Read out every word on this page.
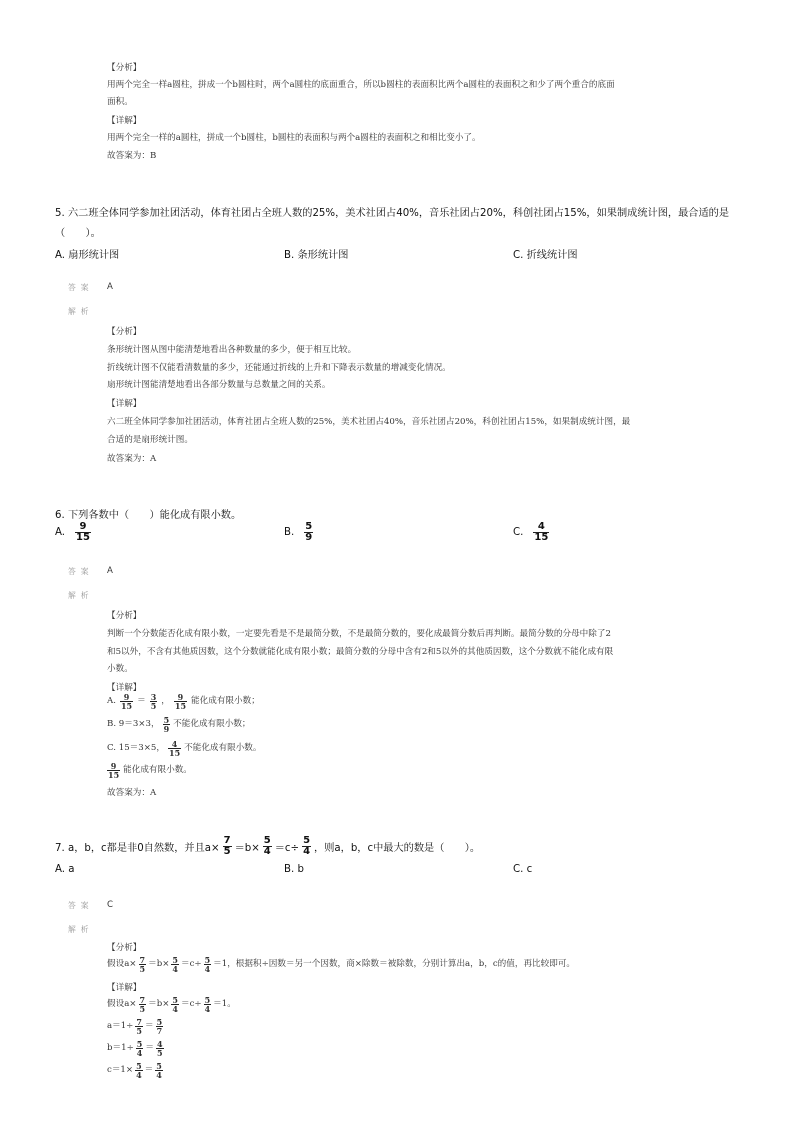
【分析】
用两个完全一样a圆柱，拼成一个b圆柱时，两个a圆柱的底面重合，所以b圆柱的表面积比两个a圆柱的表面积之和少了两个重合的底面
面积。
【详解】
用两个完全一样的a圆柱，拼成一个b圆柱，b圆柱的表面积与两个a圆柱的表面积之和相比变小了。
故答案为：B
5. 六二班全体同学参加社团活动，体育社团占全班人数的25%，美术社团占40%，音乐社团占20%，科创社团占15%，如果制成统计图，最合适的是
（　　）。
A. 扇形统计图	B. 条形统计图	C. 折线统计图
答案 A
解析
【分析】
条形统计图从图中能清楚地看出各种数量的多少，便于相互比较。
折线统计图不仅能看清数量的多少，还能通过折线的上升和下降表示数量的增减变化情况。
扇形统计图能清楚地看出各部分数量与总数量之间的关系。
【详解】
六二班全体同学参加社团活动，体育社团占全班人数的25%，美术社团占40%，音乐社团占20%，科创社团占15%，如果制成统计图，最
合适的是扇形统计图。
故答案为：A
6. 下列各数中（　　）能化成有限小数。
A. $\frac{9}{15}$	B. $\frac{5}{9}$	C. $\frac{4}{15}$
答案 A
解析
【分析】
判断一个分数能否化成有限小数，一定要先看是不是最简分数，不是最简分数的，要化成最简分数后再判断。最简分数的分母中除了2
和5以外，不含有其他质因数，这个分数就能化成有限小数；最简分数的分母中含有2和5以外的其他质因数，这个分数就不能化成有限
小数。
【详解】
A. $\frac{9}{15} = \frac{3}{5}$ ， $\frac{9}{15}$ 能化成有限小数；
B. 9＝3×3， $\frac{5}{9}$ 不能化成有限小数；
C. 15＝3×5， $\frac{4}{15}$ 不能化成有限小数。
$\frac{9}{15}$ 能化成有限小数。
故答案为：A
7. a，b，c都是非0自然数，并且$a\times \frac{7}{5} =b\times \frac{5}{4} =c\div \frac{5}{4}$ ，则a，b，c中最大的数是（　　）。
A. a	B. b	C. c
答案 C
解析
【分析】
假设$a\times \frac{7}{5} =b\times \frac{5}{4} =c\div \frac{5}{4} =1$，根据积÷因数＝另一个因数，商×除数＝被除数，分别计算出a，b，c的值，再比较即可。
【详解】
假设$a\times \frac{7}{5} =b\times \frac{5}{4} =c\div \frac{5}{4} =1$。
$a=1\div \frac{7}{5} = \frac{5}{7}$
$b=1\div \frac{5}{4} = \frac{4}{5}$
$c=1\times \frac{5}{4} = \frac{5}{4}$
